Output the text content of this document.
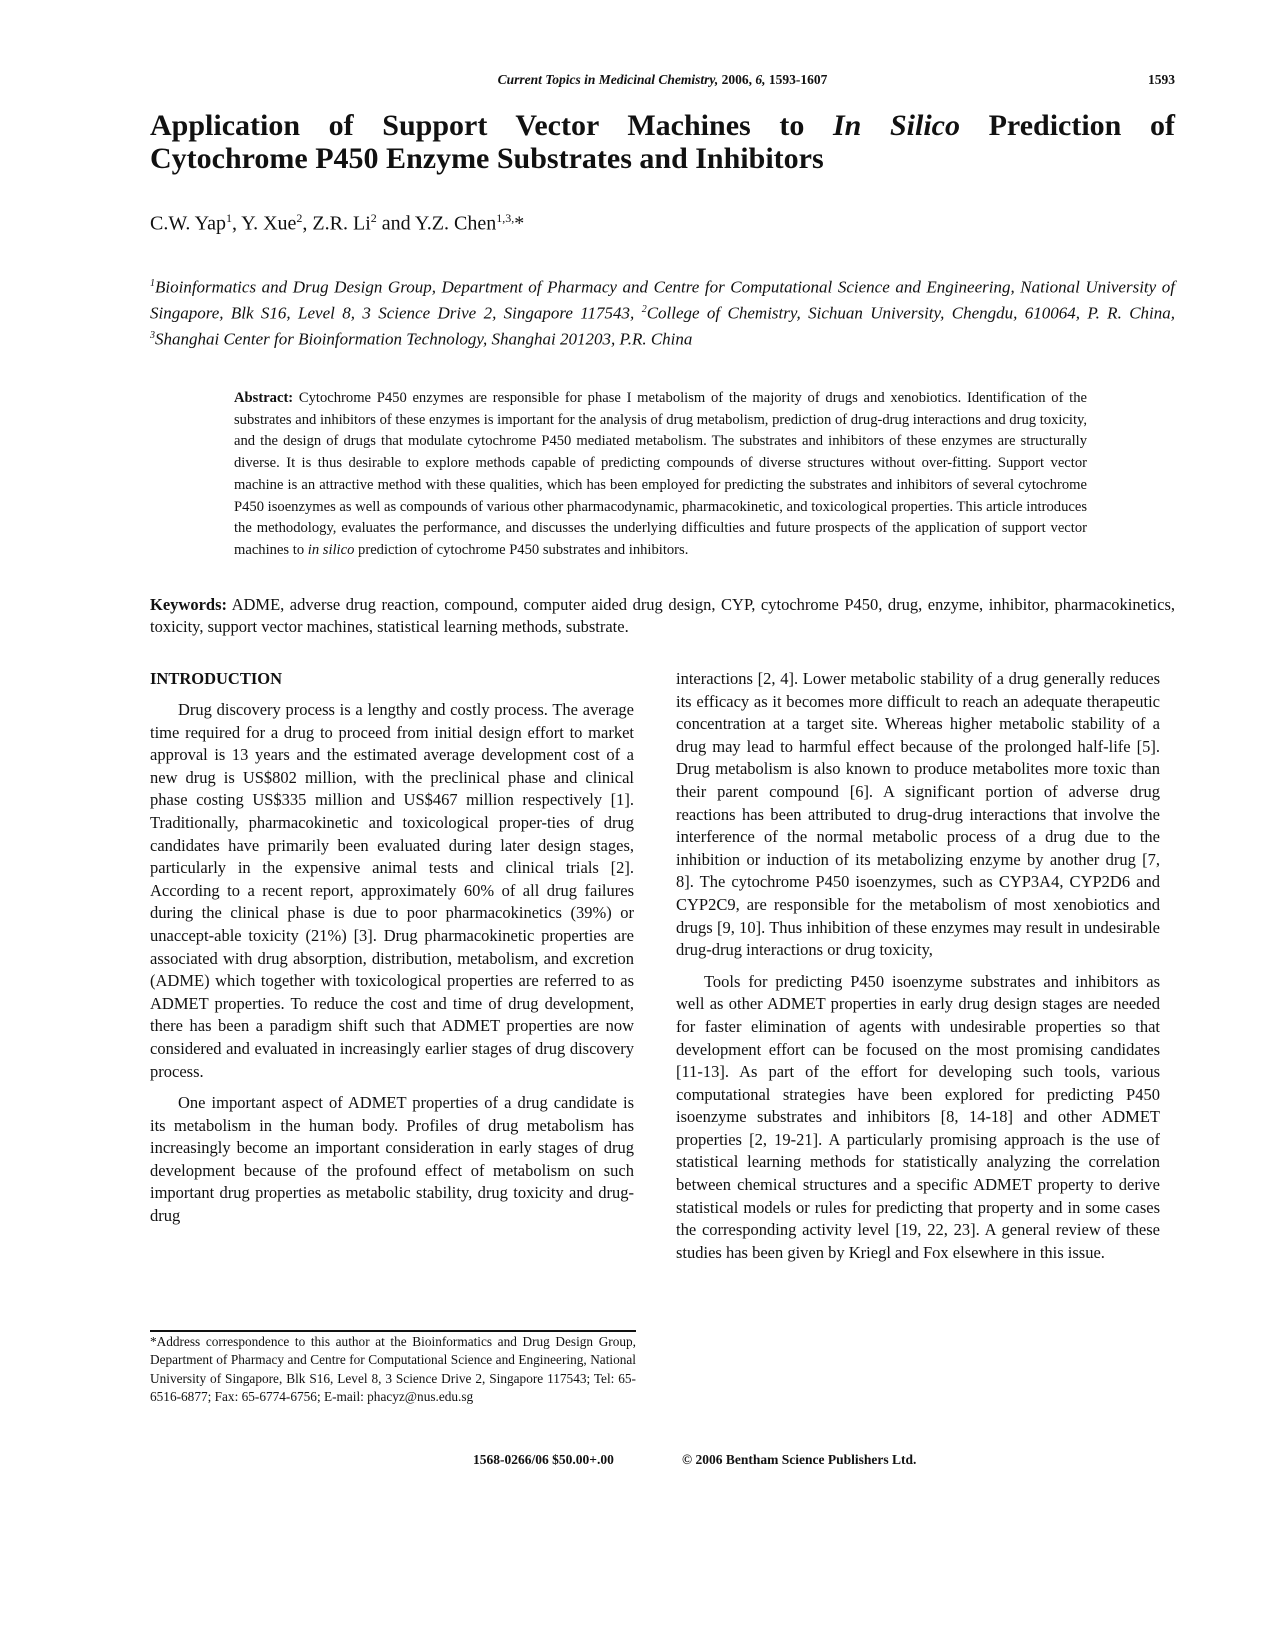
Current Topics in Medicinal Chemistry, 2006, 6, 1593-1607	1593
Application of Support Vector Machines to In Silico Prediction of
Cytochrome P450 Enzyme Substrates and Inhibitors

C.W. Yap$^1$, Y. Xue$^2$, Z.R. Li$^2$ and Y.Z. Chen$^{1,3,}$*

$^1$Bioinformatics and Drug Design Group, Department of Pharmacy and Centre for Computational Science and Engineering, National University of Singapore, Blk S16, Level 8, 3 Science Drive 2, Singapore 117543, $^2$College of Chemistry, Sichuan University, Chengdu, 610064, P. R. China, $^3$Shanghai Center for Bioinformation Technology, Shanghai 201203, P.R. China

Abstract: Cytochrome P450 enzymes are responsible for phase I metabolism of the majority of drugs and xenobiotics. Identification of the substrates and inhibitors of these enzymes is important for the analysis of drug metabolism, prediction of drug-drug interactions and drug toxicity, and the design of drugs that modulate cytochrome P450 mediated metabolism. The substrates and inhibitors of these enzymes are structurally diverse. It is thus desirable to explore methods capable of predicting compounds of diverse structures without over-fitting. Support vector machine is an attractive method with these qualities, which has been employed for predicting the substrates and inhibitors of several cytochrome P450 isoenzymes as well as compounds of various other pharmacodynamic, pharmacokinetic, and toxicological properties. This article introduces the methodology, evaluates the performance, and discusses the underlying difficulties and future prospects of the application of support vector machines to in silico prediction of cytochrome P450 substrates and inhibitors.

Keywords: ADME, adverse drug reaction, compound, computer aided drug design, CYP, cytochrome P450, drug, enzyme, inhibitor, pharmacokinetics, toxicity, support vector machines, statistical learning methods, substrate.

INTRODUCTION

Drug discovery process is a lengthy and costly process. The average time required for a drug to proceed from initial design effort to market approval is 13 years and the estimated average development cost of a new drug is US$802 million, with the preclinical phase and clinical phase costing US$335 million and US$467 million respectively [1]. Traditionally, pharmacokinetic and toxicological proper-ties of drug candidates have primarily been evaluated during later design stages, particularly in the expensive animal tests and clinical trials [2]. According to a recent report, approximately 60% of all drug failures during the clinical phase is due to poor pharmacokinetics (39%) or unaccept-able toxicity (21%) [3]. Drug pharmacokinetic properties are associated with drug absorption, distribution, metabolism, and excretion (ADME) which together with toxicological properties are referred to as ADMET properties. To reduce the cost and time of drug development, there has been a paradigm shift such that ADMET properties are now considered and evaluated in increasingly earlier stages of drug discovery process.

One important aspect of ADMET properties of a drug candidate is its metabolism in the human body. Profiles of drug metabolism has increasingly become an important consideration in early stages of drug development because of the profound effect of metabolism on such important drug properties as metabolic stability, drug toxicity and drug-drug

interactions [2, 4]. Lower metabolic stability of a drug generally reduces its efficacy as it becomes more difficult to reach an adequate therapeutic concentration at a target site. Whereas higher metabolic stability of a drug may lead to harmful effect because of the prolonged half-life [5]. Drug metabolism is also known to produce metabolites more toxic than their parent compound [6]. A significant portion of adverse drug reactions has been attributed to drug-drug interactions that involve the interference of the normal metabolic process of a drug due to the inhibition or induction of its metabolizing enzyme by another drug [7, 8]. The cytochrome P450 isoenzymes, such as CYP3A4, CYP2D6 and CYP2C9, are responsible for the metabolism of most xenobiotics and drugs [9, 10]. Thus inhibition of these enzymes may result in undesirable drug-drug interactions or drug toxicity,

Tools for predicting P450 isoenzyme substrates and inhibitors as well as other ADMET properties in early drug design stages are needed for faster elimination of agents with undesirable properties so that development effort can be focused on the most promising candidates [11-13]. As part of the effort for developing such tools, various computational strategies have been explored for predicting P450 isoenzyme substrates and inhibitors [8, 14-18] and other ADMET properties [2, 19-21]. A particularly promising approach is the use of statistical learning methods for statistically analyzing the correlation between chemical structures and a specific ADMET property to derive statistical models or rules for predicting that property and in some cases the corresponding activity level [19, 22, 23]. A general review of these studies has been given by Kriegl and Fox elsewhere in this issue.

*Address correspondence to this author at the Bioinformatics and Drug Design Group, Department of Pharmacy and Centre for Computational Science and Engineering, National University of Singapore, Blk S16, Level 8, 3 Science Drive 2, Singapore 117543; Tel: 65-6516-6877; Fax: 65-6774-6756; E-mail: phacyz@nus.edu.sg

1568-0266/06 $50.00+.00	© 2006 Bentham Science Publishers Ltd.
